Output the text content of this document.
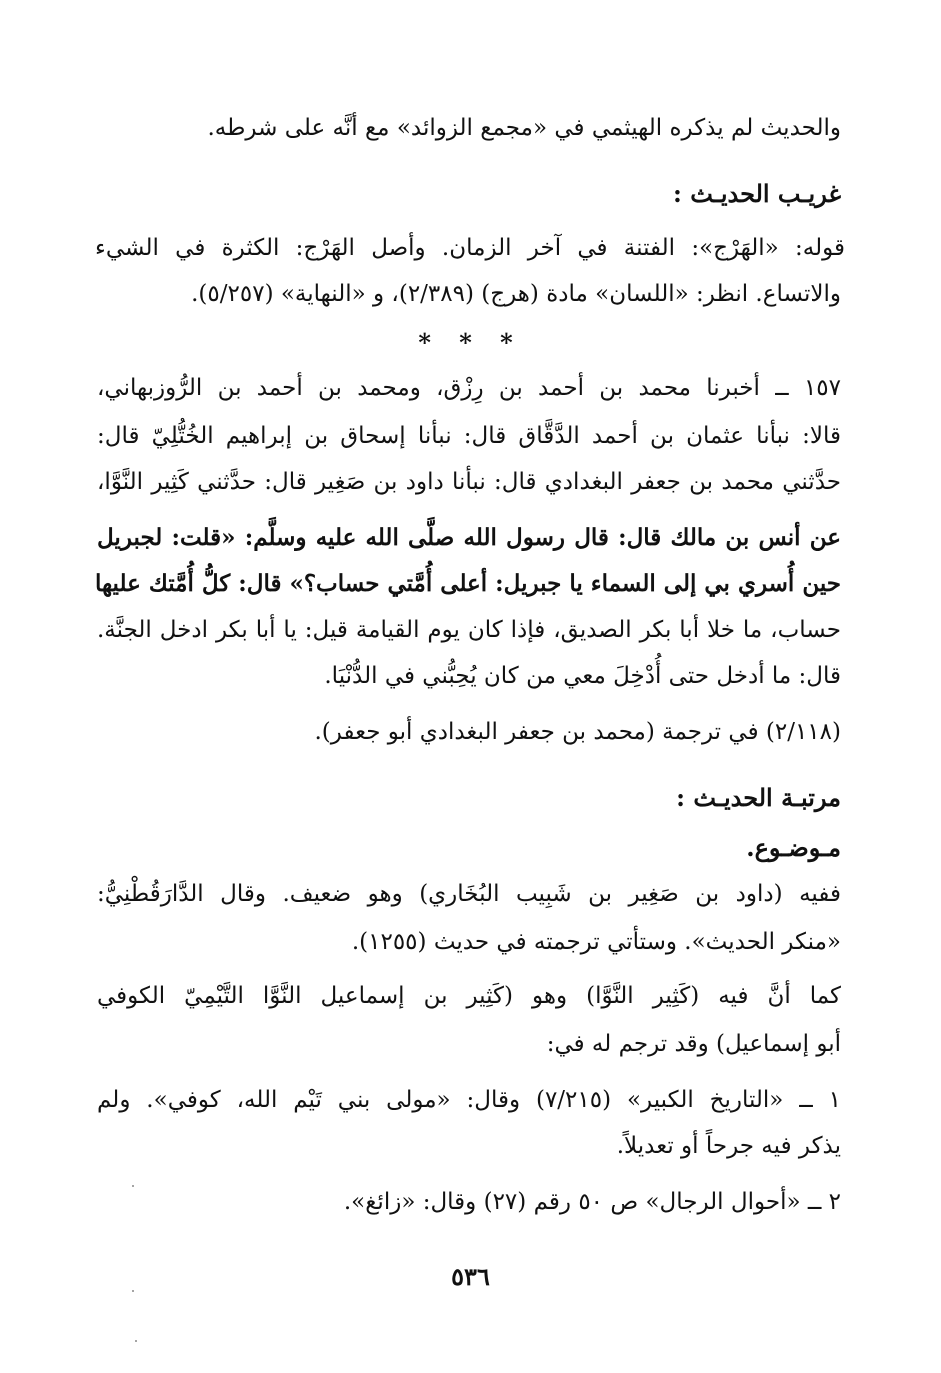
والحديث لم يذكره الهيثمي في «مجمع الزوائد» مع أنَّه على شرطه.
غريـب الحديـث :
قوله: «الهَرْج»: الفتنة في آخر الزمان. وأصل الهَرْج: الكثرة في الشيء
والاتساع. انظر: «اللسان» مادة (هرج) (٢/٣٨٩)، و «النهاية» (٥/٢٥٧).
* * *
١٥٧ ــ أخبرنا محمد بن أحمد بن رِزْق، ومحمد بن أحمد بن الرُّوزبهاني،
قالا: نبأنا عثمان بن أحمد الدَّقَّاق قال: نبأنا إسحاق بن إبراهيم الخُتُّلِيّ قال:
حدَّثني محمد بن جعفر البغدادي قال: نبأنا داود بن صَغِير قال: حدَّثني كَثِير النَّوَّا،
عن أنس بن مالك قال: قال رسول الله صلَّى الله عليه وسلَّم: «قلت: لجبريل
حين أُسري بي إلى السماء يا جبريل: أعلى أُمَّتي حساب؟» قال: كلُّ أُمَّتك عليها
حساب، ما خلا أبا بكر الصديق، فإذا كان يوم القيامة قيل: يا أبا بكر ادخل الجنَّة.
قال: ما أدخل حتى أُدْخِلَ معي من كان يُحِبُّني في الدُّنْيَا.
(٢/١١٨) في ترجمة (محمد بن جعفر البغدادي أبو جعفر).
مرتبـة الحديـث :
مـوضـوع.
ففيه (داود بن صَغِير بن شَبِيب البُخَاري) وهو ضعيف. وقال الدَّارَقُطْنِيُّ:
«منكر الحديث». وستأتي ترجمته في حديث (١٢٥٥).
كما أنَّ فيه (كَثِير النَّوَّا) وهو (كَثِير بن إسماعيل النَّوَّا التَّيْمِيّ الكوفي
أبو إسماعيل) وقد ترجم له في:
١ ــ «التاريخ الكبير» (٧/٢١٥) وقال: «مولى بني تَيْم الله، كوفي». ولم
يذكر فيه جرحاً أو تعديلاً.
٢ ــ «أحوال الرجال» ص ٥٠ رقم (٢٧) وقال: «زائغ».
٥٣٦
